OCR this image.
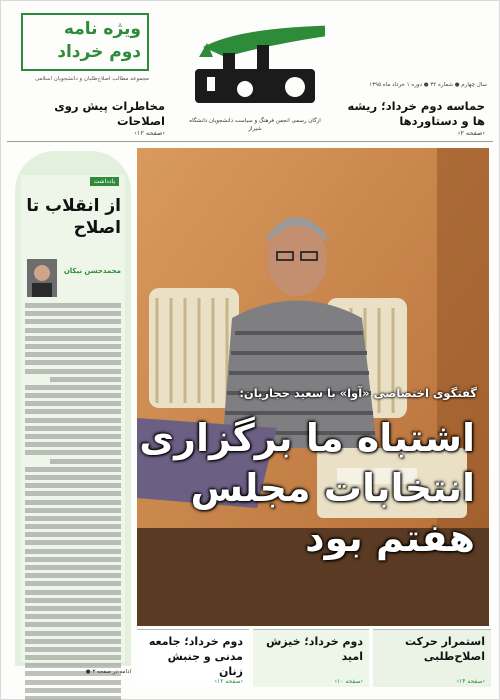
ویژه نامه
دوم خرداد
مجموعه مطالب اصلاح‌طلبان و دانشجویان اسلامی
ارگان رسمی انجمن فرهنگ و سیاست دانشجویان دانشگاه شیراز
سال چهارم ● شماره ۳۲ ● دوره ۱ خرداد ماه ۱۳۹۵
حماسه دوم خرداد؛ ریشه ها و دستاوردها
‹صفحه ۲›
مخاطرات پیش روی اصلاحات
‹صفحه ۱۲›
گفتگوی اختصاصی «آوا» با سعید حجاریان:
اشتباه ما برگزاری
انتخابات مجلس
هفتم بود
یادداشت
از انقلاب تا اصلاح
محمدحسن نیکان
ادامه در صفحه ۳ ●
استمرار حرکت اصلاح‌طلبی
‹صفحه ۱۴›
دوم خرداد؛ خیزش امید
‹صفحه ۱۰›
دوم خرداد؛ جامعه مدنی و جنبش زنان
‹صفحه ۱۲›
